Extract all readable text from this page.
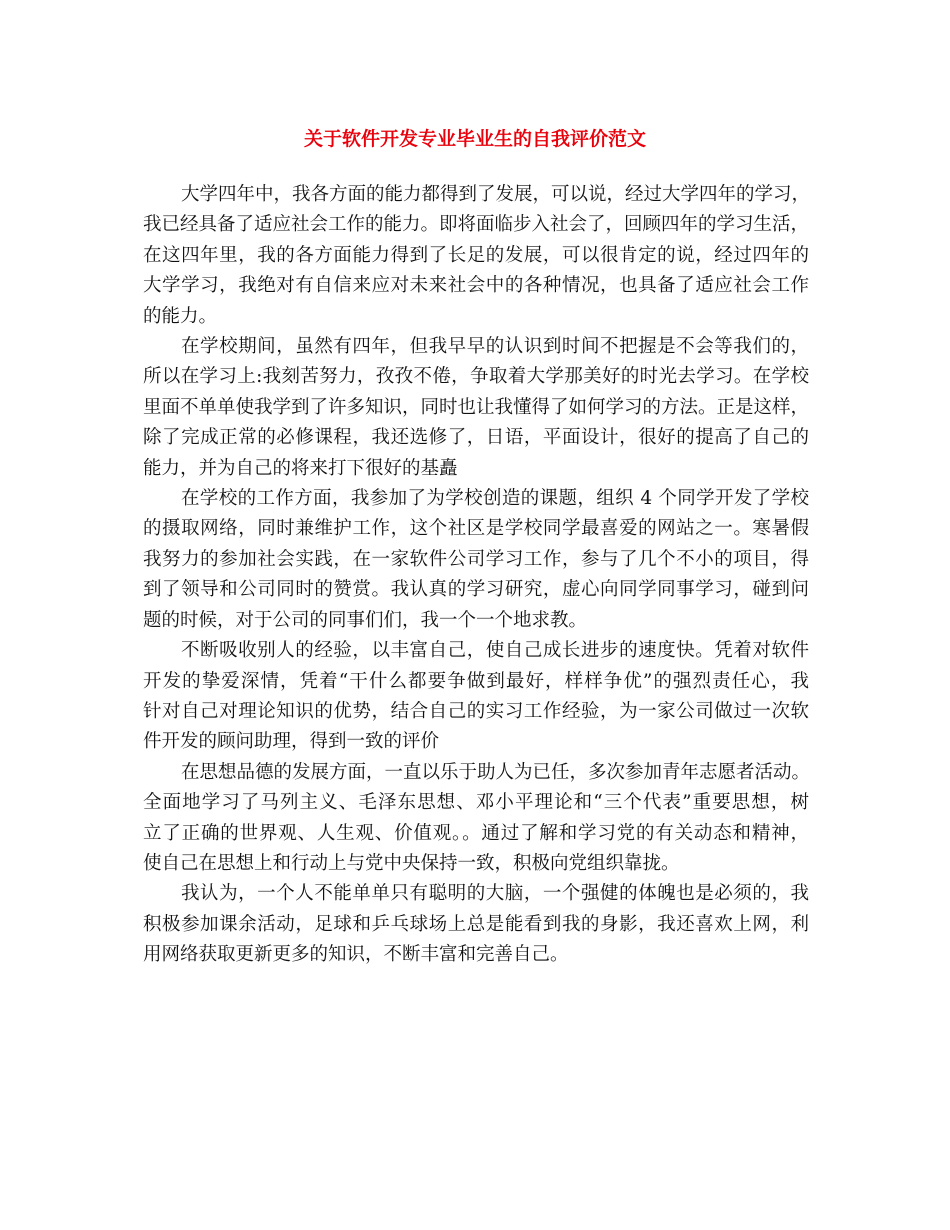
关于软件开发专业毕业生的自我评价范文

大学四年中，我各方面的能力都得到了发展，可以说，经过大学四年的学习，
我已经具备了适应社会工作的能力。即将面临步入社会了，回顾四年的学习生活，
在这四年里，我的各方面能力得到了长足的发展，可以很肯定的说，经过四年的
大学学习，我绝对有自信来应对未来社会中的各种情况，也具备了适应社会工作
的能力。

在学校期间，虽然有四年，但我早早的认识到时间不把握是不会等我们的，
所以在学习上:我刻苦努力，孜孜不倦，争取着大学那美好的时光去学习。在学校
里面不单单使我学到了许多知识，同时也让我懂得了如何学习的方法。正是这样，
除了完成正常的必修课程，我还选修了，日语，平面设计，很好的提高了自己的
能力，并为自己的将来打下很好的基矗

在学校的工作方面，我参加了为学校创造的课题，组织 4 个同学开发了学校
的摄取网络，同时兼维护工作，这个社区是学校同学最喜爱的网站之一。寒暑假
我努力的参加社会实践，在一家软件公司学习工作，参与了几个不小的项目，得
到了领导和公司同时的赞赏。我认真的学习研究，虚心向同学同事学习，碰到问
题的时候，对于公司的同事们们，我一个一个地求教。

不断吸收别人的经验，以丰富自己，使自己成长进步的速度快。凭着对软件
开发的挚爱深情，凭着“干什么都要争做到最好，样样争优”的强烈责任心，我
针对自己对理论知识的优势，结合自己的实习工作经验，为一家公司做过一次软
件开发的顾问助理，得到一致的评价

在思想品德的发展方面，一直以乐于助人为已任，多次参加青年志愿者活动。
全面地学习了马列主义、毛泽东思想、邓小平理论和“三个代表”重要思想，树
立了正确的世界观、人生观、价值观。。通过了解和学习党的有关动态和精神，
使自己在思想上和行动上与党中央保持一致，积极向党组织靠拢。

我认为，一个人不能单单只有聪明的大脑，一个强健的体魄也是必须的，我
积极参加课余活动，足球和乒乓球场上总是能看到我的身影，我还喜欢上网，利
用网络获取更新更多的知识，不断丰富和完善自己。
